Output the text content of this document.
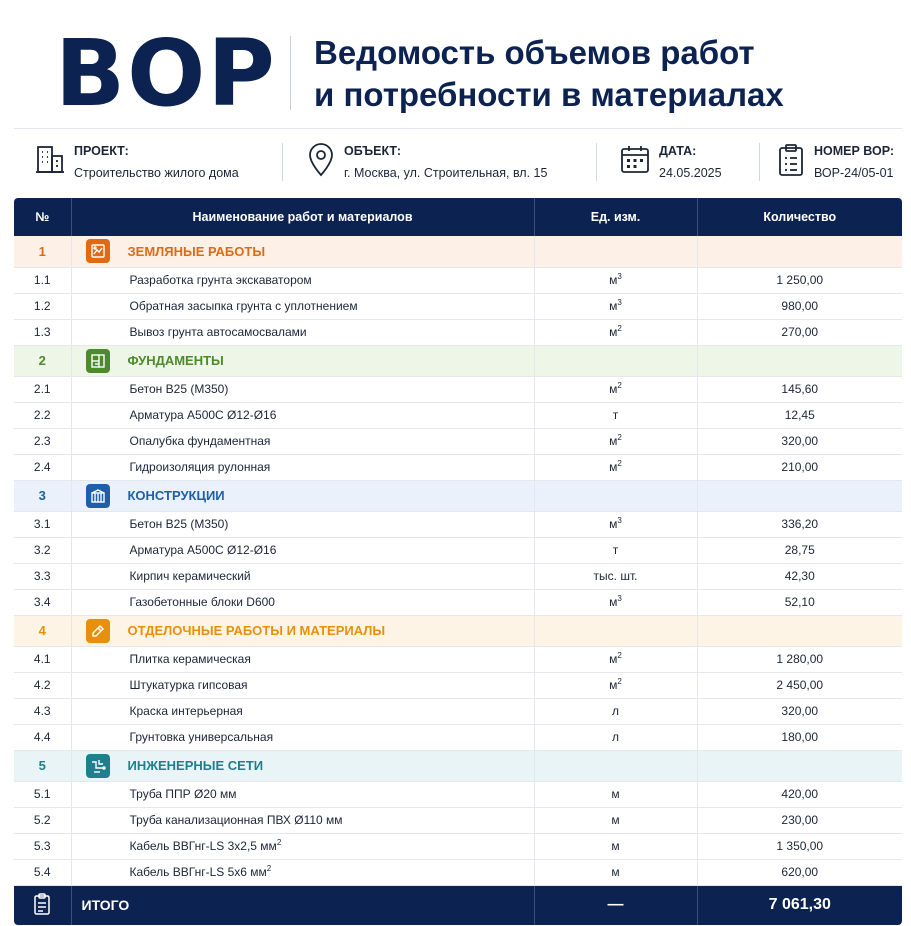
ВОР Ведомость объемов работ
и потребности в материалах
ПРОЕКТ:
Строительство жилого дома
ОБЪЕКТ:
г. Москва, ул. Строительная, вл. 15
ДАТА:
24.05.2025
НОМЕР ВОР:
ВОР-24/05-01
№	Наименование работ и материалов	Ед. изм.	Количество
1	ЗЕМЛЯНЫЕ РАБОТЫ		

1.1	Разработка грунта экскаватором	$м^3$	1 250,00
1.2	Обратная засыпка грунта с уплотнением	$м^3$	980,00
1.3	Вывоз грунта автосамосвалами	$м^2$	270,00
2	ФУНДАМЕНТЫ		

2.1	Бетон В25 (М350)	$м^2$	145,60
2.2	Арматура А500С Ø12-Ø16	т	12,45
2.3	Опалубка фундаментная	$м^2$	320,00
2.4	Гидроизоляция рулонная	$м^2$	210,00
3	КОНСТРУКЦИИ		

3.1	Бетон В25 (М350)	$м^3$	336,20
3.2	Арматура А500С Ø12-Ø16	т	28,75
3.3	Кирпич керамический	тыс. шт.	42,30
3.4	Газобетонные блоки D600	$м^3$	52,10
4	ОТДЕЛОЧНЫЕ РАБОТЫ И МАТЕРИАЛЫ		

4.1	Плитка керамическая	$м^2$	1 280,00
4.2	Штукатурка гипсовая	$м^2$	2 450,00
4.3	Краска интерьерная	л	320,00
4.4	Грунтовка универсальная	л	180,00
5	ИНЖЕНЕРНЫЕ СЕТИ		

5.1	Труба ППР Ø20 мм	м	420,00
5.2	Труба канализационная ПВХ Ø110 мм	м	230,00
5.3	Кабель ВВГнг-LS 3х2,5 $мм^2$	м	1 350,00
5.4	Кабель ВВГнг-LS 5х6 $мм^2$	м	620,00
	ИТОГО	—	7 061,30
